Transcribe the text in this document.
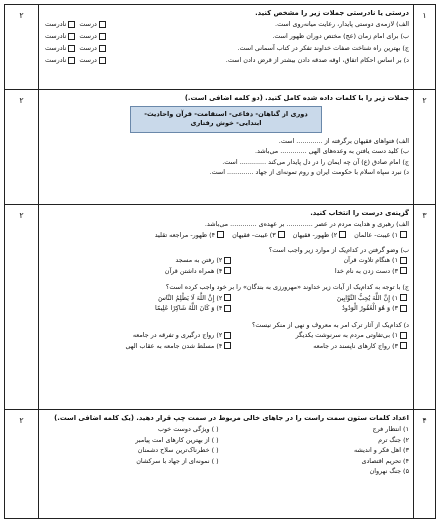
۱
۲	درستی یا نادرستی جملات زیر را مشخص کنید.
الف) لازمه‌ی دوستی پایدار، رعایت میانه‌روی است.
درست نادرست
ب) برای امام زمان (عج) مختص دوران ظهور است.
درست نادرست
ج) بهترین راه شناخت صفات خداوند تفکر در کتاب آسمانی است.
درست نادرست
د) بر اساس احکام اتفاق، اوقه صدقه دادن بیشتر از قرض دادن است.
درست نادرست
۲
۲	جملات زیر را با کلمات داده شده کامل کنید. (دو کلمه اضافی است.)
دوری از گناهان- دفاعی- استقامت- قرآن واحادیث- ابتدایی- خوش رفتاری
الف) فتواهای فقیهان برگرفته از ............. است.
ب) کلید دست یافتن به وعده‌های الهی ............. می‌باشد.
ج) امام صادق (ع) آن چه ایمان را در دل پایدار می‌کند ............. است.
د) نبرد سپاه اسلام با حکومت ایران و روم تمونه‌ای از جهاد ............. است.
۳
۲	گزینه‌ی درست را انتخاب کنید.
الف) رهبری و هدایت مردم در عصر ............. بر عهده‌ی ............. می‌باشد.
۱) غیبت- عالمان
۲) ظهور- فقیهان
۳) غیبت- فقیهان
۴) ظهور- مراجعه تقلید
ب) وضو گرفتن در کدام‌یک از موارد زیر واجب است؟
۱) هنگام تلاوت قرآن۲) رفتن به مسجد
۳) دست زدن به نام خدا۴) همراه داشتن قرآن
ج) با توجه به کدام‌یک از آیات زیر خداوند «مهرورزی به بندگان» را بر خود واجب کرده است؟
۱) إِنَّ اللَّهَ يُحِبُّ التَّوَّابِينَ۲) إِنَّ اللَّهَ لَا يَظْلِمُ النَّاسَ
۳) وَ هُوَ الْغَفُورُ الْوَدُودُ۴) وَ كَانَ اللَّهُ شَاكِرًا عَلِيمًا
د) کدام‌یک از آثار ترک امر به معروف و نهی از منکر نیست؟
۱) بی‌تفاوتی مردم به سرنوشت یکدیگر۲) رواج درگیری و تفرقه در جامعه
۳) رواج کارهای ناپسند در جامعه۴) مسلط شدن جامعه به عقاب الهی
۴
۲	اعداد کلمات ستون سمت راست را در جاهای خالی مربوط در سمت چپ قرار دهید. (یک کلمه اضافی است.)
۱) انتظار فرج
۲) جنگ ترم
۳) اهل فکر و اندیشه
۴) تحریم اقتصادی
۵) جنگ نهروان
( ) ویژگی دوست خوب
( ) از بهترین کارهای امت پیامبر
( ) خطرناک‌ترین سلاح دشمنان
( ) نمونه‌ای از جهاد با سرکشان
